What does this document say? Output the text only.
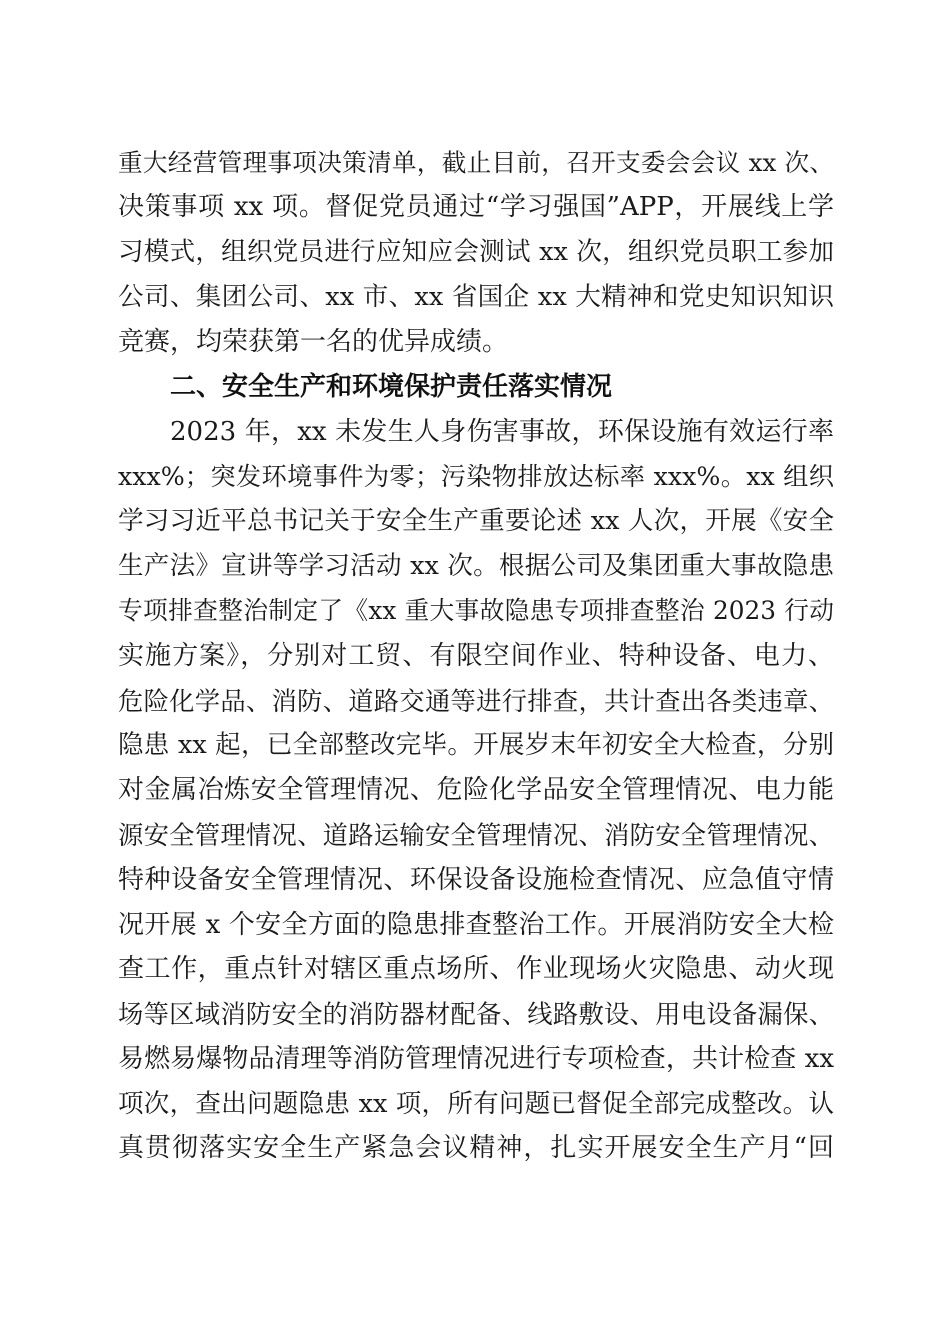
重大经营管理事项决策清单，截止目前，召开支委会会议 xx 次、
决策事项 xx 项。督促党员通过“学习强国”APP，开展线上学
习模式，组织党员进行应知应会测试 xx 次，组织党员职工参加
公司、集团公司、xx 市、xx 省国企 xx 大精神和党史知识知识
竞赛，均荣获第一名的优异成绩。
二、安全生产和环境保护责任落实情况
2023 年，xx 未发生人身伤害事故，环保设施有效运行率
xxx%；突发环境事件为零；污染物排放达标率 xxx%。xx 组织
学习习近平总书记关于安全生产重要论述 xx 人次，开展《安全
生产法》宣讲等学习活动 xx 次。根据公司及集团重大事故隐患
专项排查整治制定了《xx 重大事故隐患专项排查整治 2023 行动
实施方案》，分别对工贸、有限空间作业、特种设备、电力、
危险化学品、消防、道路交通等进行排查，共计查出各类违章、
隐患 xx 起，已全部整改完毕。开展岁末年初安全大检查，分别
对金属冶炼安全管理情况、危险化学品安全管理情况、电力能
源安全管理情况、道路运输安全管理情况、消防安全管理情况、
特种设备安全管理情况、环保设备设施检查情况、应急值守情
况开展 x 个安全方面的隐患排查整治工作。开展消防安全大检
查工作，重点针对辖区重点场所、作业现场火灾隐患、动火现
场等区域消防安全的消防器材配备、线路敷设、用电设备漏保、
易燃易爆物品清理等消防管理情况进行专项检查，共计检查 xx
项次，查出问题隐患 xx 项，所有问题已督促全部完成整改。认
真贯彻落实安全生产紧急会议精神，扎实开展安全生产月“回
